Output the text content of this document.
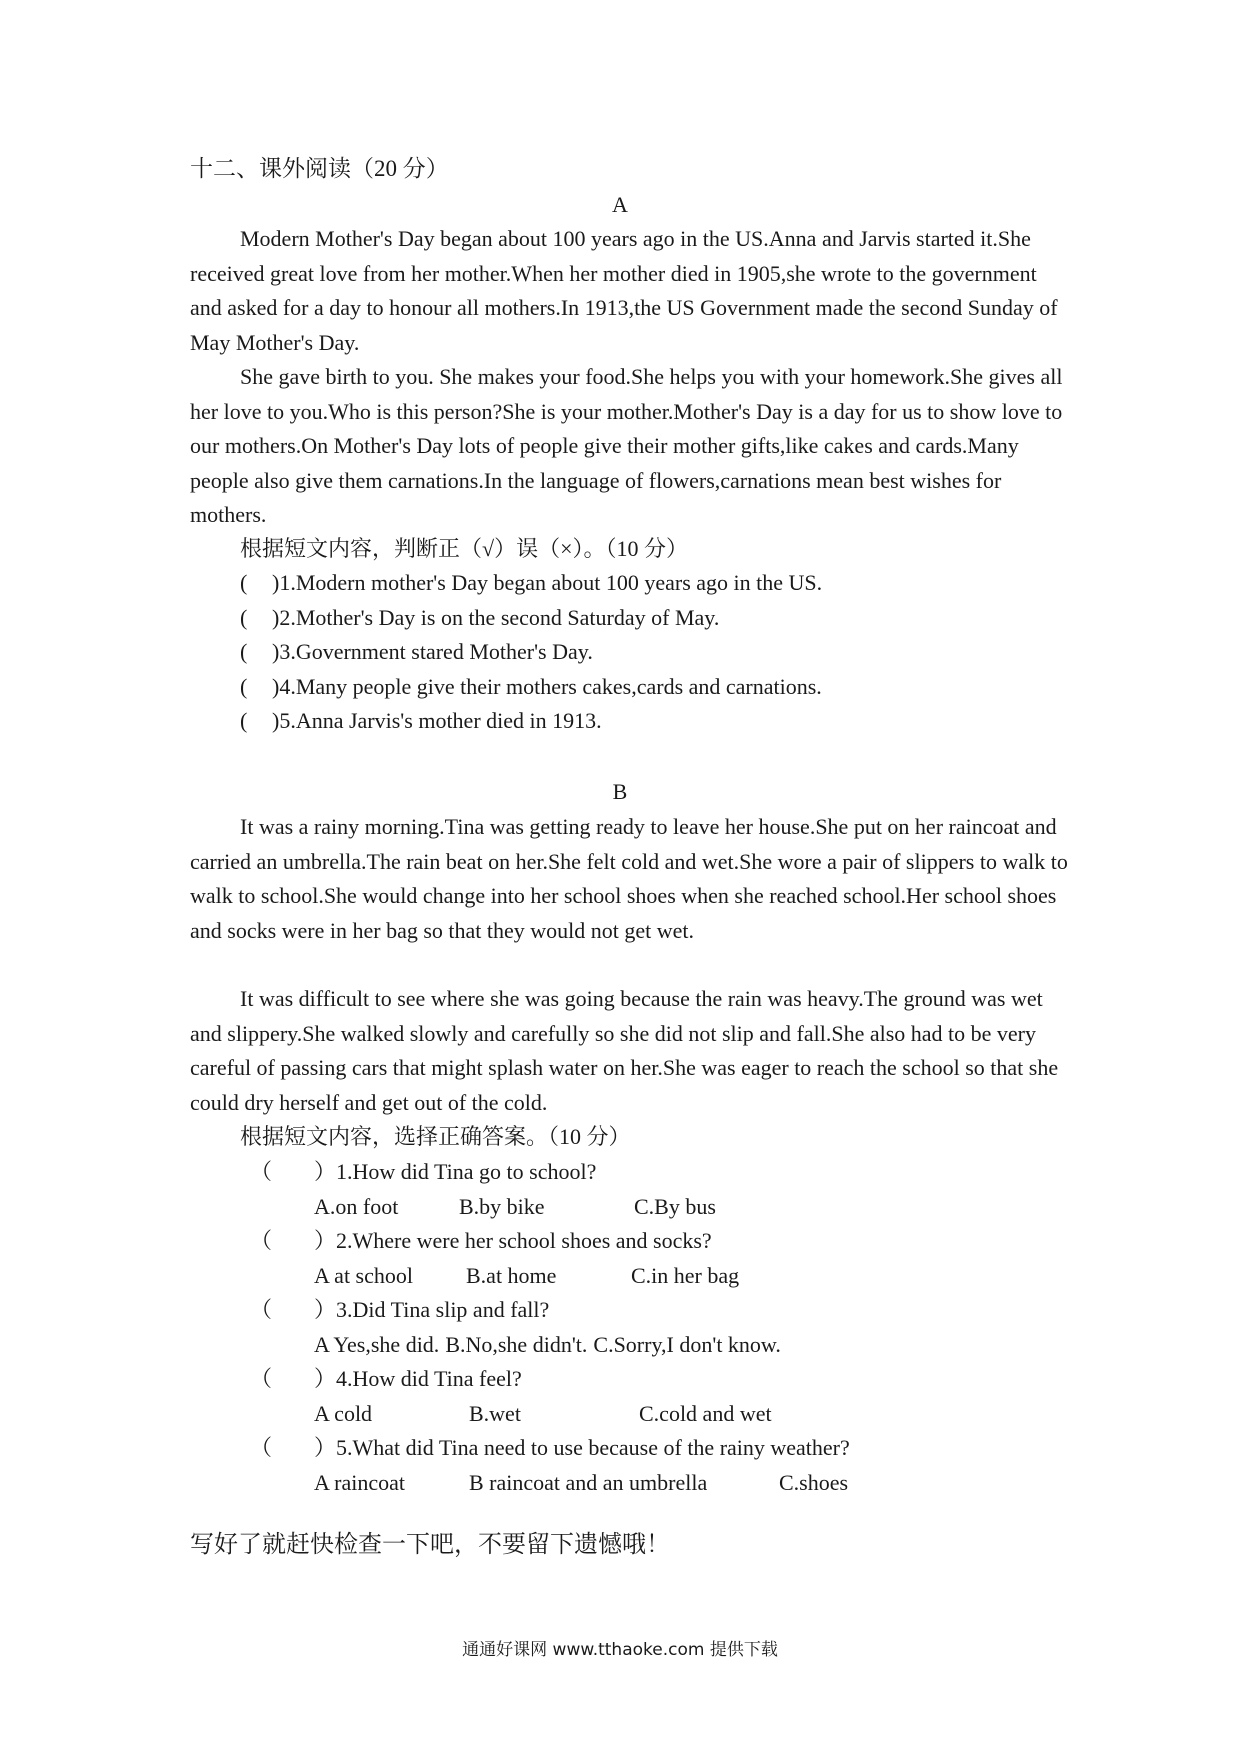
十二、课外阅读（20 分）
A

Modern Mother's Day began about 100 years ago in the US.Anna and Jarvis started it.She received great love from her mother.When her mother died in 1905,she wrote to the government and asked for a day to honour all mothers.In 1913,the US Government made the second Sunday of May Mother's Day.

She gave birth to you. She makes your food.She helps you with your homework.She gives all her love to you.Who is this person?She is your mother.Mother's Day is a day for us to show love to our mothers.On Mother's Day lots of people give their mother gifts,like cakes and cards.Many people also give them carnations.In the language of flowers,carnations mean best wishes for mothers.

根据短文内容，判断正（√）误（×）。（10 分）

( )1.Modern mother's Day began about 100 years ago in the US.
( )2.Mother's Day is on the second Saturday of May.
( )3.Government stared Mother's Day.
( )4.Many people give their mothers cakes,cards and carnations.
( )5.Anna Jarvis's mother died in 1913.
B

It was a rainy morning.Tina was getting ready to leave her house.She put on her raincoat and carried an umbrella.The rain beat on her.She felt cold and wet.She wore a pair of slippers to walk to walk to school.She would change into her school shoes when she reached school.Her school shoes and socks were in her bag so that they would not get wet.

It was difficult to see where she was going because the rain was heavy.The ground was wet and slippery.She walked slowly and carefully so she did not slip and fall.She also had to be very careful of passing cars that might splash water on her.She was eager to reach the school so that she could dry herself and get out of the cold.

根据短文内容，选择正确答案。（10 分）

（ ）1.How did Tina go to school?
A.on foot	B.by bike	C.By bus
（ ）2.Where were her school shoes and socks?
A at school B.at home	C.in her bag
（ ）3.Did Tina slip and fall?
A Yes,she did. B.No,she didn't. C.Sorry,I don't know.
（ ）4.How did Tina feel?
A cold	B.wet	C.cold and wet
（ ）5.What did Tina need to use because of the rainy weather?
A raincoat	B raincoat and an umbrella	C.shoes
写好了就赶快检查一下吧，不要留下遗憾哦！
通通好课网 www.tthaoke.com 提供下载
